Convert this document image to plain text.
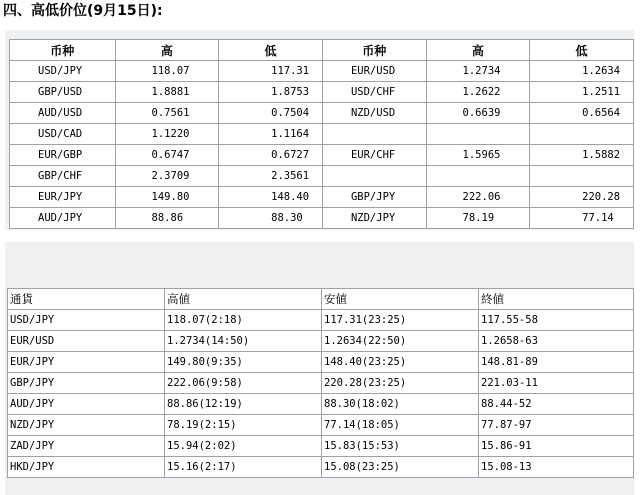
四、高低价位(9月15日):
币种	高	低	币种	高	低
USD/JPY	118.07	117.31	EUR/USD	1.2734	1.2634
GBP/USD	1.8881	1.8753	USD/CHF	1.2622	1.2511
AUD/USD	0.7561	0.7504	NZD/USD	0.6639	0.6564
USD/CAD	1.1220	1.1164			
EUR/GBP	0.6747	0.6727	EUR/CHF	1.5965	1.5882
GBP/CHF	2.3709	2.3561			
EUR/JPY	149.80	148.40	GBP/JPY	222.06	220.28
AUD/JPY	88.86	88.30	NZD/JPY	78.19	77.14
通貨	高値	安値	終値
USD/JPY	118.07(2:18)	117.31(23:25)	117.55-58
EUR/USD	1.2734(14:50)	1.2634(22:50)	1.2658-63
EUR/JPY	149.80(9:35)	148.40(23:25)	148.81-89
GBP/JPY	222.06(9:58)	220.28(23:25)	221.03-11
AUD/JPY	88.86(12:19)	88.30(18:02)	88.44-52
NZD/JPY	78.19(2:15)	77.14(18:05)	77.87-97
ZAD/JPY	15.94(2:02)	15.83(15:53)	15.86-91
HKD/JPY	15.16(2:17)	15.08(23:25)	15.08-13
